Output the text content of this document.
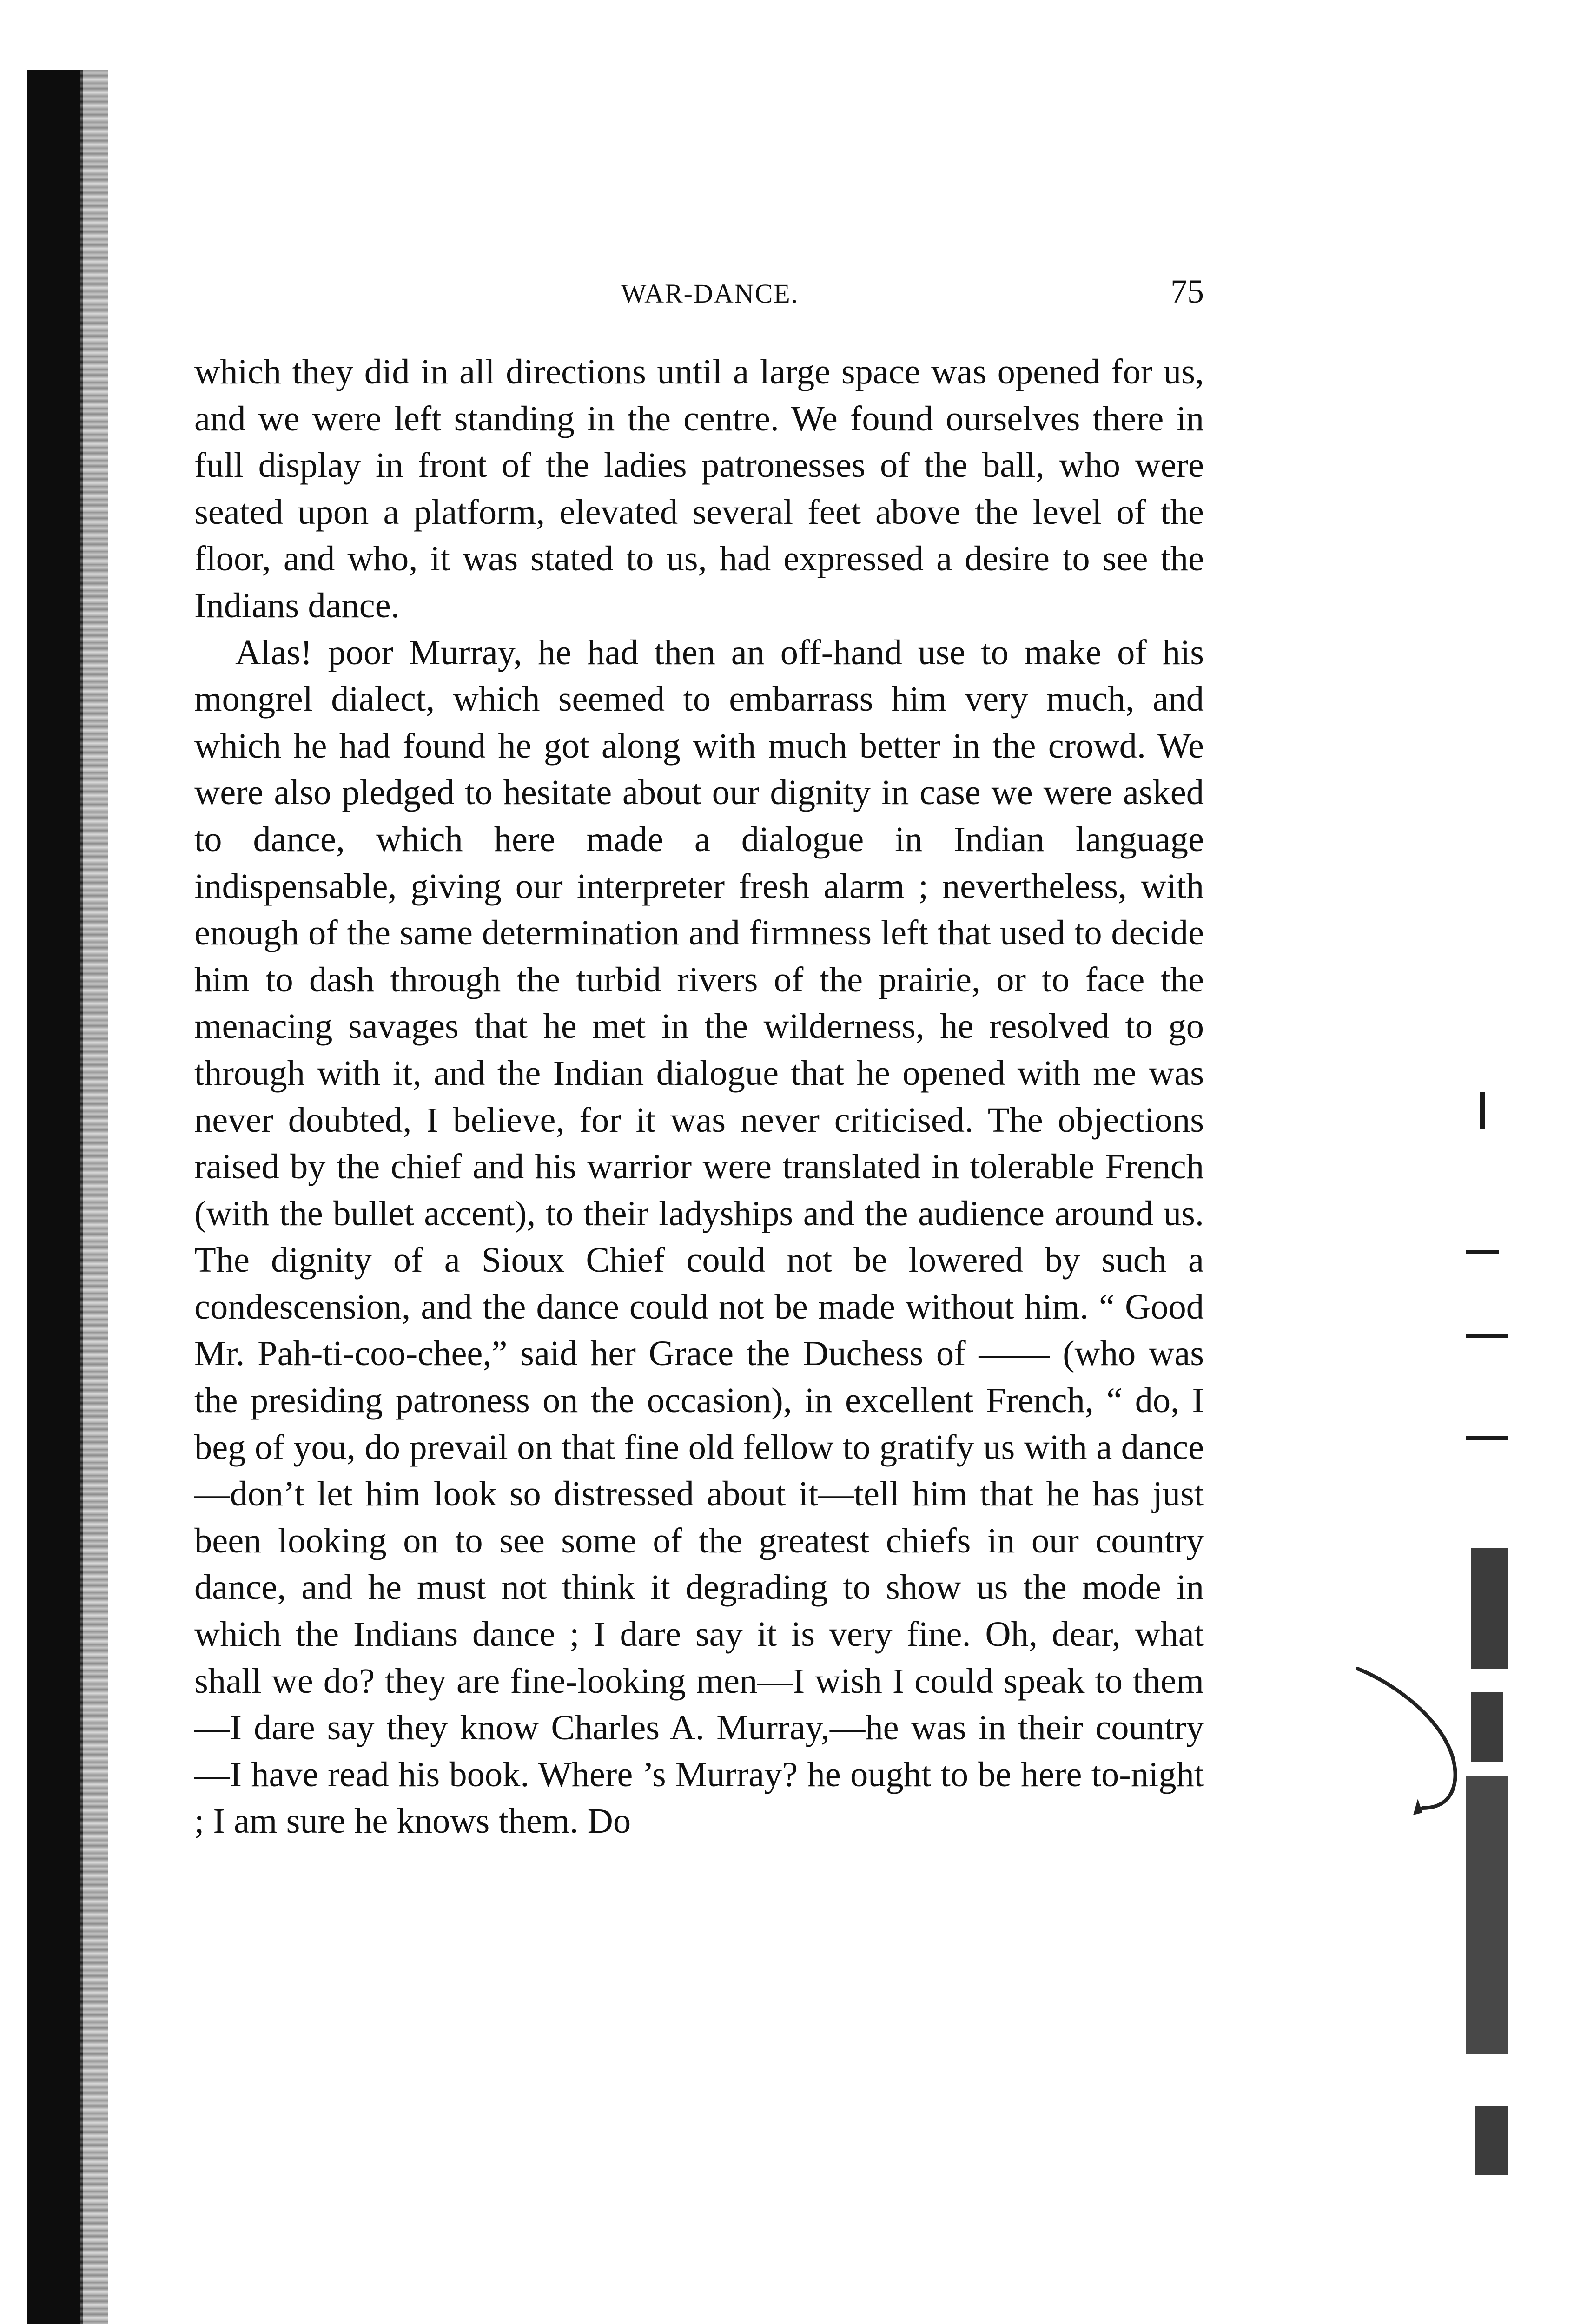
WAR-DANCE.	75

which they did in all directions until a large space was opened for us, and we were left standing in the centre. We found ourselves there in full display in front of the ladies patronesses of the ball, who were seated upon a platform, elevated several feet above the level of the floor, and who, it was stated to us, had expressed a desire to see the Indians dance.

Alas! poor Murray, he had then an off-hand use to make of his mongrel dialect, which seemed to embarrass him very much, and which he had found he got along with much better in the crowd. We were also pledged to hesitate about our dignity in case we were asked to dance, which here made a dialogue in Indian language indispensable, giving our interpreter fresh alarm ; nevertheless, with enough of the same determination and firmness left that used to decide him to dash through the turbid rivers of the prairie, or to face the menacing savages that he met in the wilderness, he resolved to go through with it, and the Indian dialogue that he opened with me was never doubted, I believe, for it was never criticised. The objections raised by the chief and his warrior were translated in tolerable French (with the bullet accent), to their ladyships and the audience around us. The dignity of a Sioux Chief could not be lowered by such a condescension, and the dance could not be made without him. “ Good Mr. Pah-ti-coo-chee,” said her Grace the Duchess of —— (who was the presiding patroness on the occasion), in excellent French, “ do, I beg of you, do prevail on that fine old fellow to gratify us with a dance—don’t let him look so distressed about it—tell him that he has just been looking on to see some of the greatest chiefs in our country dance, and he must not think it degrading to show us the mode in which the Indians dance ; I dare say it is very fine. Oh, dear, what shall we do? they are fine-looking men—I wish I could speak to them—I dare say they know Charles A. Murray,—he was in their country—I have read his book. Where ’s Murray? he ought to be here to-night ; I am sure he knows them. Do
